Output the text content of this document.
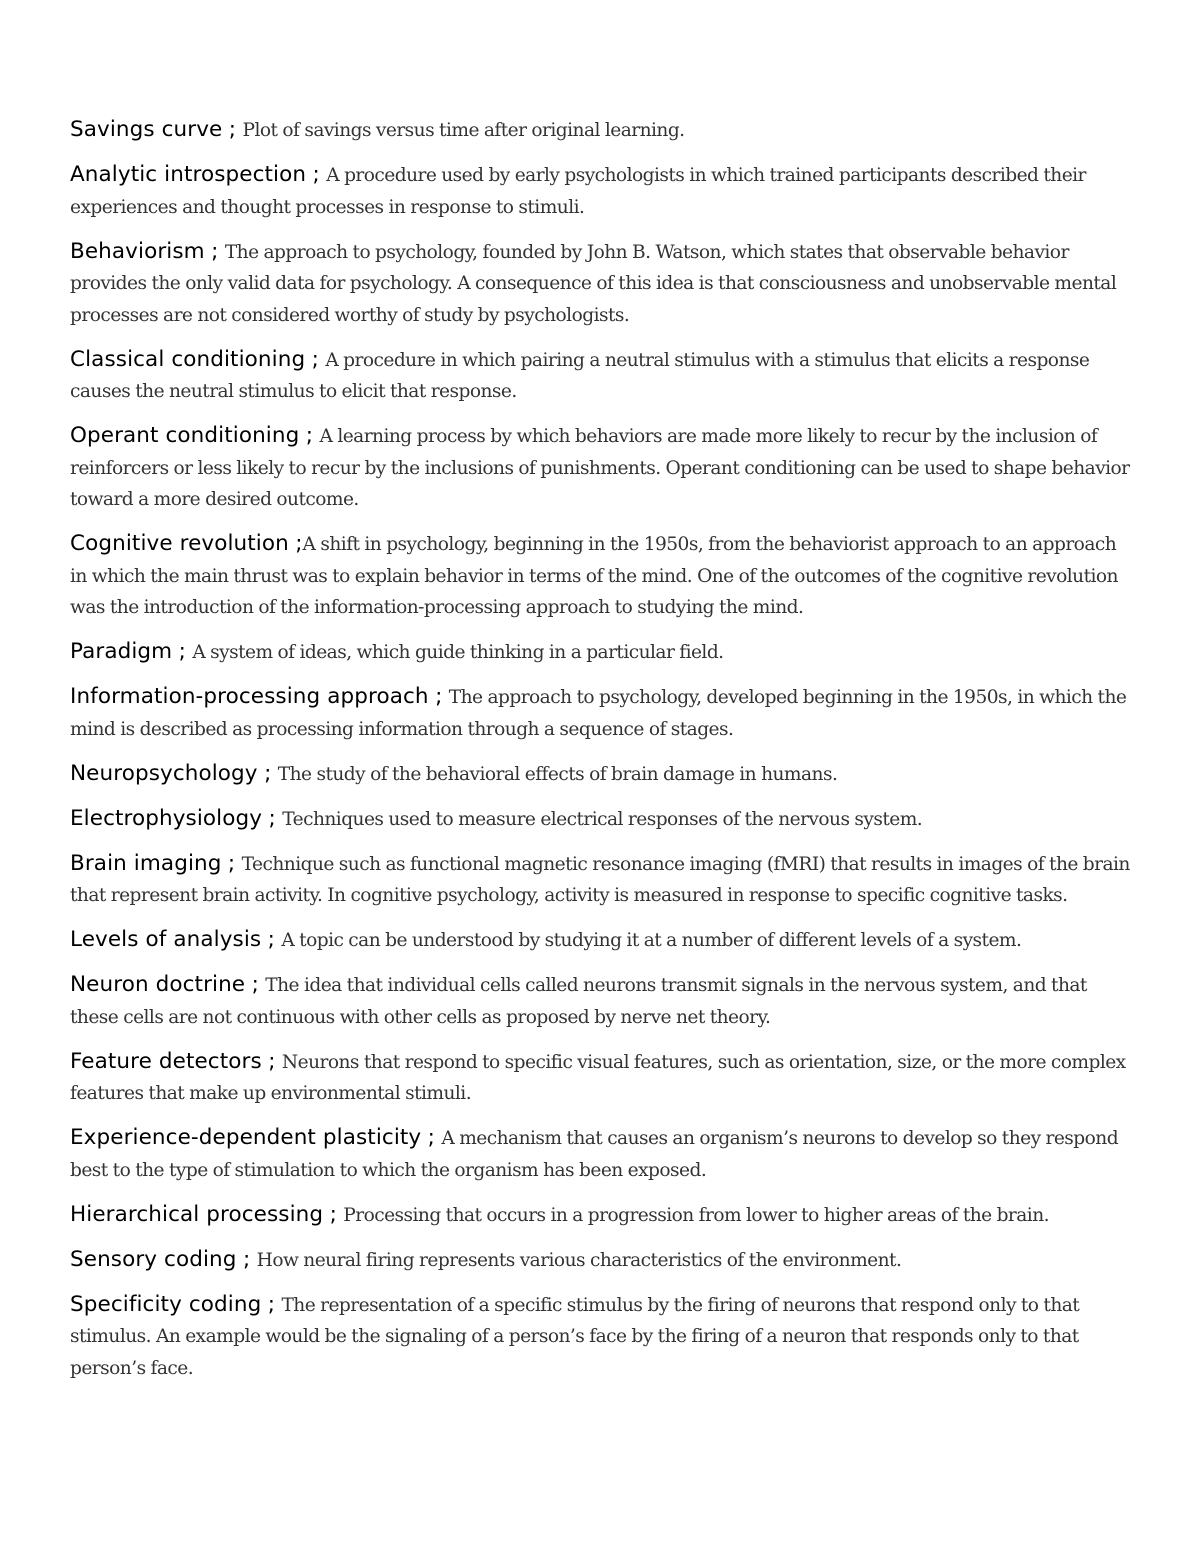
Savings curve ; Plot of savings versus time after original learning.

Analytic introspection ; A procedure used by early psychologists in which trained participants described their experiences and thought processes in response to stimuli.

Behaviorism ; The approach to psychology, founded by John B. Watson, which states that observable behavior provides the only valid data for psychology. A consequence of this idea is that consciousness and unobservable mental processes are not considered worthy of study by psychologists.

Classical conditioning ; A procedure in which pairing a neutral stimulus with a stimulus that elicits a response causes the neutral stimulus to elicit that response.

Operant conditioning ; A learning process by which behaviors are made more likely to recur by the inclusion of reinforcers or less likely to recur by the inclusions of punishments. Operant conditioning can be used to shape behavior toward a more desired outcome.

Cognitive revolution ;A shift in psychology, beginning in the 1950s, from the behaviorist approach to an approach in which the main thrust was to explain behavior in terms of the mind. One of the outcomes of the cognitive revolution was the introduction of the information-processing approach to studying the mind.

Paradigm ; A system of ideas, which guide thinking in a particular field.

Information-processing approach ; The approach to psychology, developed beginning in the 1950s, in which the mind is described as processing information through a sequence of stages.

Neuropsychology ; The study of the behavioral effects of brain damage in humans.

Electrophysiology ; Techniques used to measure electrical responses of the nervous system.

Brain imaging ; Technique such as functional magnetic resonance imaging (fMRI) that results in images of the brain that represent brain activity. In cognitive psychology, activity is measured in response to specific cognitive tasks.

Levels of analysis ; A topic can be understood by studying it at a number of different levels of a system.

Neuron doctrine ; The idea that individual cells called neurons transmit signals in the nervous system, and that these cells are not continuous with other cells as proposed by nerve net theory.

Feature detectors ; Neurons that respond to specific visual features, such as orientation, size, or the more complex features that make up environmental stimuli.

Experience-dependent plasticity ; A mechanism that causes an organism’s neurons to develop so they respond best to the type of stimulation to which the organism has been exposed.

Hierarchical processing ; Processing that occurs in a progression from lower to higher areas of the brain.

Sensory coding ; How neural firing represents various characteristics of the environment.

Specificity coding ; The representation of a specific stimulus by the firing of neurons that respond only to that stimulus. An example would be the signaling of a person’s face by the firing of a neuron that responds only to that person’s face.
